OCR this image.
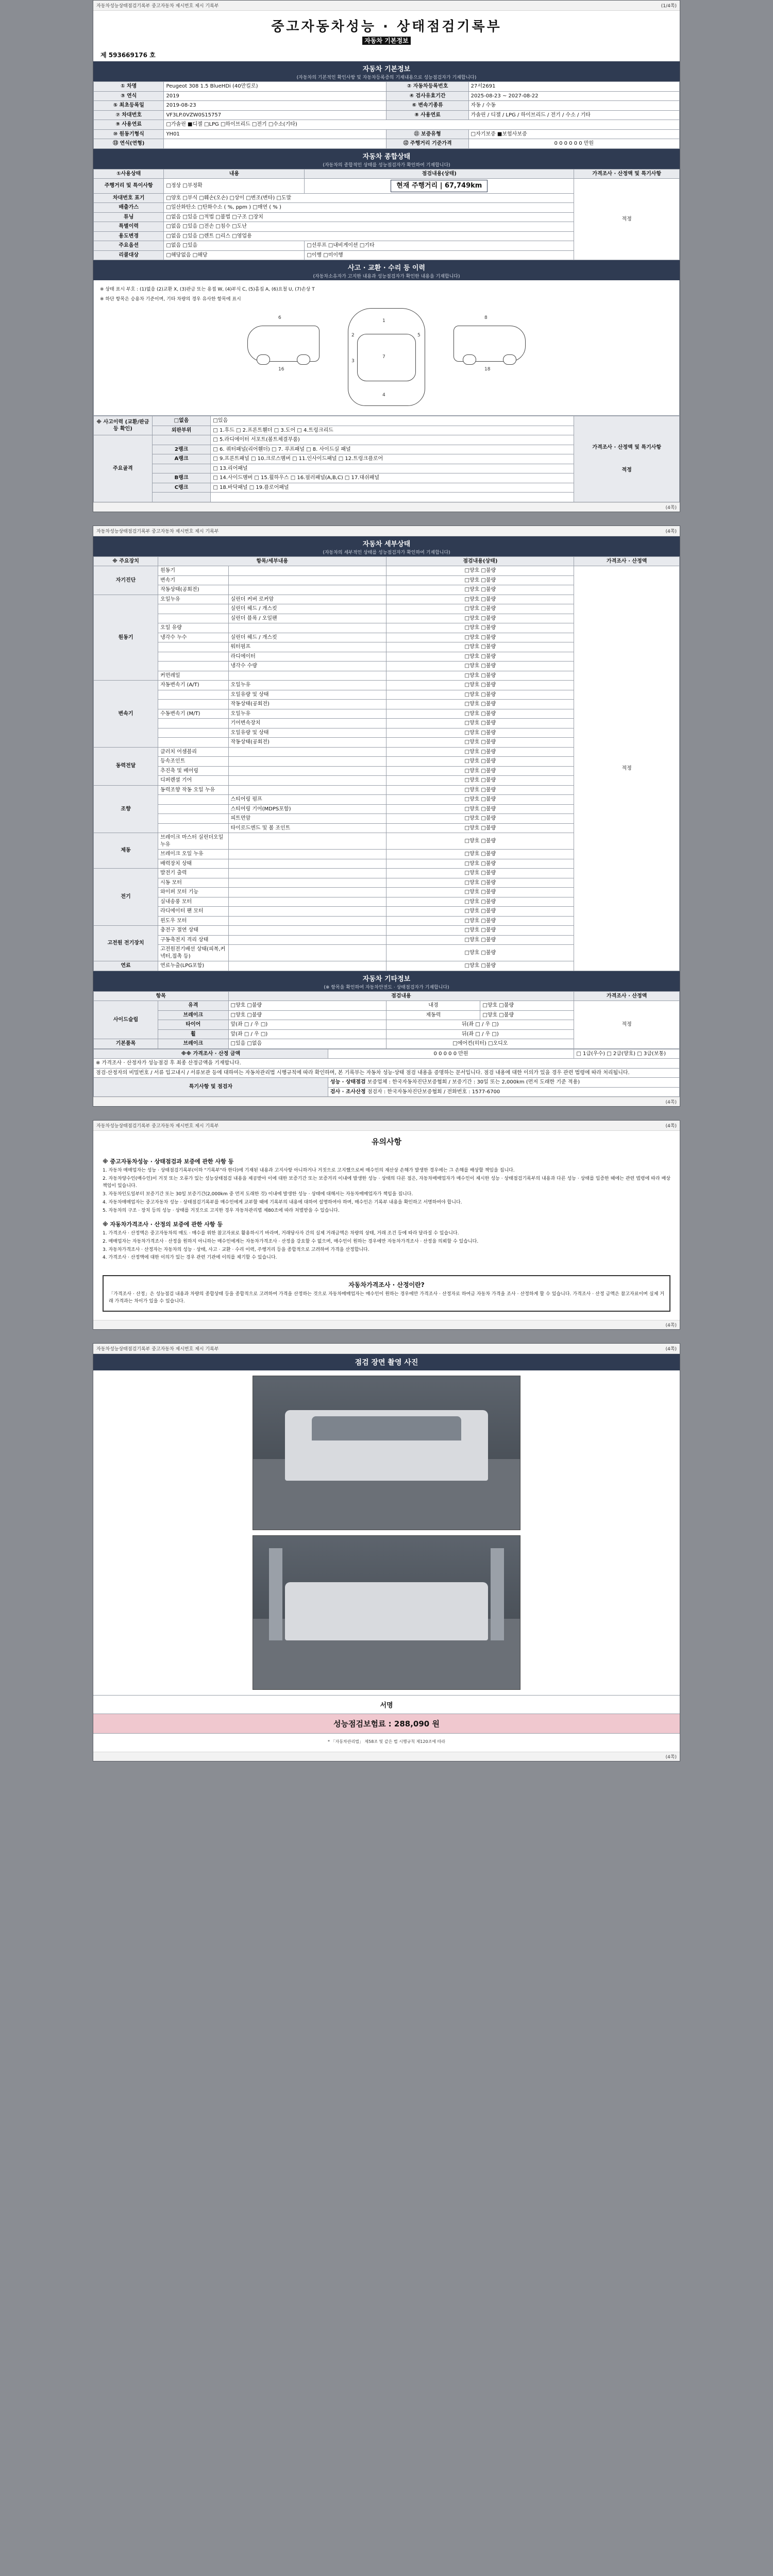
자동차성능상태점검기록부 중고자동차 제시번호 제시 기록부	(1/4쪽)
중고자동차성능 · 상태점검기록부
자동차 기본정보
제 593669176 호
자동차 기본정보
(자동차의 기본적인 확인사항 및 자동차등록증의 기재내용으로 성능점검자가 기재합니다)
① 차명	Peugeot 308 1.5 BlueHDi (40만킬로)	② 자동차등록번호	27서2691
③ 연식	2019	④ 검사유효기간	2025-08-23 ~ 2027-08-22
⑤ 최초등록일	2019-08-23	⑥ 변속기종류	자동 / 수동
⑦ 차대번호	VF3LP.0VZW0S15757	⑧ 사용연료	가솔린 / 디젤 / LPG / 하이브리드 / 전기 / 수소 / 기타
⑨ 사용연료	□가솔린 ■디젤 □LPG □하이브리드 □전기 □수소(기타)		
⑩ 원동기형식	YH01	⑪ 보증유형	□자기보증 ■보험사보증
⑬ 연식(연형)		⑫ 주행거리 기준가격	0 0 0 0 0 0 만원
자동차 종합상태
(자동차의 종합적인 상태를 성능점검자가 확인하여 기재합니다)
①사용상태	내용	점검내용(상태)	가격조사 · 산정액 및 특기사항
주행거리 및 특이사항	□정상 □부정확	현재 주행거리 | 67,749km	적정
차대번호 표기	□양호 □부식 □훼손(오손) □상이 □변조(변타) □도말		
배출가스	□일산화탄소 □탄화수소 ( %, ppm ) □매연 ( % )		
튜닝	□없음 □있음 □적법 □불법 □구조 □장치		
특별이력	□없음 □있음 □전손 □침수 □도난		
용도변경	□없음 □있음 □렌트 □리스 □영업용		
주요옵션	□없음 □있음	□선루프 □내비게이션 □기타	
리콜대상	□해당없음 □해당	□이행 □미이행	
사고 · 교환 · 수리 등 이력
(자동차소유자가 고지한 내용과 성능점검자가 확인한 내용을 기재합니다)
※ 상태 표시 부호 : (1)없음 (2)교환 X, (3)판금 또는 용접 W, (4)부식 C, (5)흠집 A, (6)요철 U, (7)손상 T
※ 하단 항목은 승용차 기준이며, 기타 차량의 경우 유사한 항목에 표시
6
16
1
7
4
2
3
5
8
18
※ 사고이력 (교환/판금 등 확인)	□없음	□있음	가격조사 · 산정액 및 특기사항
적정

	외판부위	□ 1.후드 □ 2.프론트휀더 □ 3.도어 □ 4.트렁크리드	
주요골격		□ 5.라디에이터 서포트(볼트체결부품)	
	2랭크	□ 6. 쿼터패널(리어휀더) □ 7. 루프패널 □ 8. 사이드실 패널	
	A랭크	□ 9.프론트패널 □ 10.크로스멤버 □ 11.인사이드패널 □ 12.트렁크플로어	
		□ 13.리어패널	
	B랭크	□ 14.사이드멤버 □ 15.휠하우스 □ 16.필러패널(A,B,C) □ 17.대쉬패널	
	C랭크	□ 18.바닥패널 □ 19.플로어패널	

(4쪽)
자동차성능상태점검기록부 중고자동차 제시번호 제시 기록부	(4쪽)
자동차 세부상태
(자동차의 세부적인 상태를 성능점검자가 확인하여 기재합니다)
※ 주요장치	항목/세부내용		점검내용(상태)	가격조사 · 산정액
자기진단	원동기		□양호 □불량	적정
	변속기		□양호 □불량	
	작동상태(공회전)		□양호 □불량	
원동기	오일누유	실린더 커버 로커암	□양호 □불량	
		실린더 헤드 / 개스킷	□양호 □불량	
		실린더 블록 / 오일팬	□양호 □불량	
	오일 유량		□양호 □불량	
	냉각수 누수	실린더 헤드 / 개스킷	□양호 □불량	
		워터펌프	□양호 □불량	
		라디에이터	□양호 □불량	
		냉각수 수량	□양호 □불량	
	커먼레일		□양호 □불량	
변속기	자동변속기 (A/T)	오일누유	□양호 □불량	
		오일유량 및 상태	□양호 □불량	
		작동상태(공회전)	□양호 □불량	
	수동변속기 (M/T)	오일누유	□양호 □불량	
		기어변속장치	□양호 □불량	
		오일유량 및 상태	□양호 □불량	
		작동상태(공회전)	□양호 □불량	
동력전달	클러치 어셈블리		□양호 □불량	
	등속조인트		□양호 □불량	
	추진축 및 베어링		□양호 □불량	
	디퍼렌셜 기어		□양호 □불량	
조향	동력조향 작동 오일 누유		□양호 □불량	
		스티어링 펌프	□양호 □불량	
		스티어링 기어(MDPS포함)	□양호 □불량	
		피트먼암	□양호 □불량	
		타이로드엔드 및 볼 조인트	□양호 □불량	
제동	브레이크 마스터 실린더오일 누유		□양호 □불량	
	브레이크 오일 누유		□양호 □불량	
	배력장치 상태		□양호 □불량	
전기	발전기 출력		□양호 □불량	
	시동 모터		□양호 □불량	
	와이퍼 모터 기능		□양호 □불량	
	실내송풍 모터		□양호 □불량	
	라디에이터 팬 모터		□양호 □불량	
	윈도우 모터		□양호 □불량	
고전원 전기장치	충전구 절연 상태		□양호 □불량	
	구동축전지 격리 상태		□양호 □불량	
	고전원전기배선 상태(피복,커넥터,접촉 등)		□양호 □불량	
연료	연료누출(LPG포함)		□양호 □불량	
자동차 기타정보
(※ 항목을 확인하여 자동차안전도 · 상태점검자가 기재합니다)
항목		점검내용			가격조사 · 산정액
사이드슬립	유격	□양호 □불량	내경	□양호 □불량	적정
	브레이크	□양호 □불량	제동력	□양호 □불량	
	타이어	앞(좌 □ / 우 □)	뒤(좌 □ / 우 □)		
	휠	앞(좌 □ / 우 □)	뒤(좌 □ / 우 □)		
기본품목	브레이크	□있음 □없음	□에어컨(히터) □오디오		
※※ 가격조사 · 산정 금액	0 0 0 0 0 만원	□ 1급(우수) □ 2급(양호) □ 3급(보통)
※ 가격조사 · 산정자가 성능점검 후 최종 산정금액을 기재합니다.		
점검·산정자의 비밀번호 / 서류 입고내시 / 서류보관 등에 대하여는 자동차관리법 시행규칙에 따라 확인하며, 본 기록부는 자동차 성능·상태 점검 내용을 증명하는 문서입니다. 점검 내용에 대한 이의가 있을 경우 관련 법령에 따라 처리됩니다.		
특기사항 및 점검자	성능 · 상태점검 보증업체 : 한국자동차진단보증협회 / 보증기간 : 30일 또는 2,000km (먼저 도래한 기준 적용)	
	검사 · 조사산정 점검자 : 한국자동차진단보증협회 / 전화번호 : 1577-6700	
(4쪽)
자동차성능상태점검기록부 중고자동차 제시번호 제시 기록부	(4쪽)
유의사항
※ 중고자동차성능 · 상태점검과 보증에 관한 사항 등

1. 자동차 매매업자는 성능 · 상태점검기록부(이하 "기록부"라 한다)에 기재된 내용과 고지사항 아니하거나 거짓으로 고지했으로써 매수인의 재산상 손해가 발생한 경우에는 그 손해를 배상할 책임을 집니다.

2. 자동차양수인(매수인)이 거짓 또는 오류가 있는 성능상태점검 내용을 제공받아 이에 대한 보증기간 또는 보증거리 이내에 발생한 성능 · 상태의 다른 점은, 자동차매매업자가 매수인이 제시한 성능 · 상태점검기록부의 내용과 다른 성능 · 상태를 입증한 때에는 관련 법령에 따라 배상책임이 있습니다.

3. 자동차인도일부터 보증기간 또는 30일 보증기간(2,000km 중 먼저 도래한 것) 이내에 발생한 성능 · 상태에 대해서는 자동차매매업자가 책임을 집니다.

4. 자동차매매업자는 중고자동차 성능 · 상태점검기록부를 매수인에게 교부할 때에 기록부의 내용에 대하여 설명하여야 하며, 매수인은 기록부 내용을 확인하고 서명하여야 합니다.

5. 자동차의 구조 · 장치 등의 성능 · 상태를 거짓으로 고지한 경우 자동차관리법 제80조에 따라 처벌받을 수 있습니다.

※ 자동차가격조사 · 산정의 보증에 관한 사항 등

1. 가격조사 · 산정액은 중고자동차의 매도 · 매수를 위한 참고자료로 활용하시기 바라며, 거래당사자 간의 실제 거래금액은 차량의 상태, 거래 조건 등에 따라 달라질 수 있습니다.

2. 매매업자는 자동차가격조사 · 산정을 원하지 아니하는 매수인에게는 자동차가격조사 · 산정을 강요할 수 없으며, 매수인이 원하는 경우에만 자동차가격조사 · 산정을 의뢰할 수 있습니다.

3. 자동차가격조사 · 산정자는 자동차의 성능 · 상태, 사고 · 교환 · 수리 이력, 주행거리 등을 종합적으로 고려하여 가격을 산정합니다.

4. 가격조사 · 산정액에 대한 이의가 있는 경우 관련 기관에 이의를 제기할 수 있습니다.

자동차가격조사 · 산정이란?

「가격조사 · 산정」은 성능점검 내용과 차량의 종합상태 등을 종합적으로 고려하여 가격을 산정하는 것으로 자동차매매업자는 매수인이 원하는 경우에만 가격조사 · 산정자로 하여금 자동차 가격을 조사 · 산정하게 할 수 있습니다. 가격조사 · 산정 금액은 참고자료이며 실제 거래 가격과는 차이가 있을 수 있습니다.

(4쪽)
자동차성능상태점검기록부 중고자동차 제시번호 제시 기록부	(4쪽)
점검 장면 촬영 사진
서명
성능점검보험료 : 288,090 원
* 「자동차관리법」 제58조 및 같은 법 시행규칙 제120조에 따라
(4쪽)
